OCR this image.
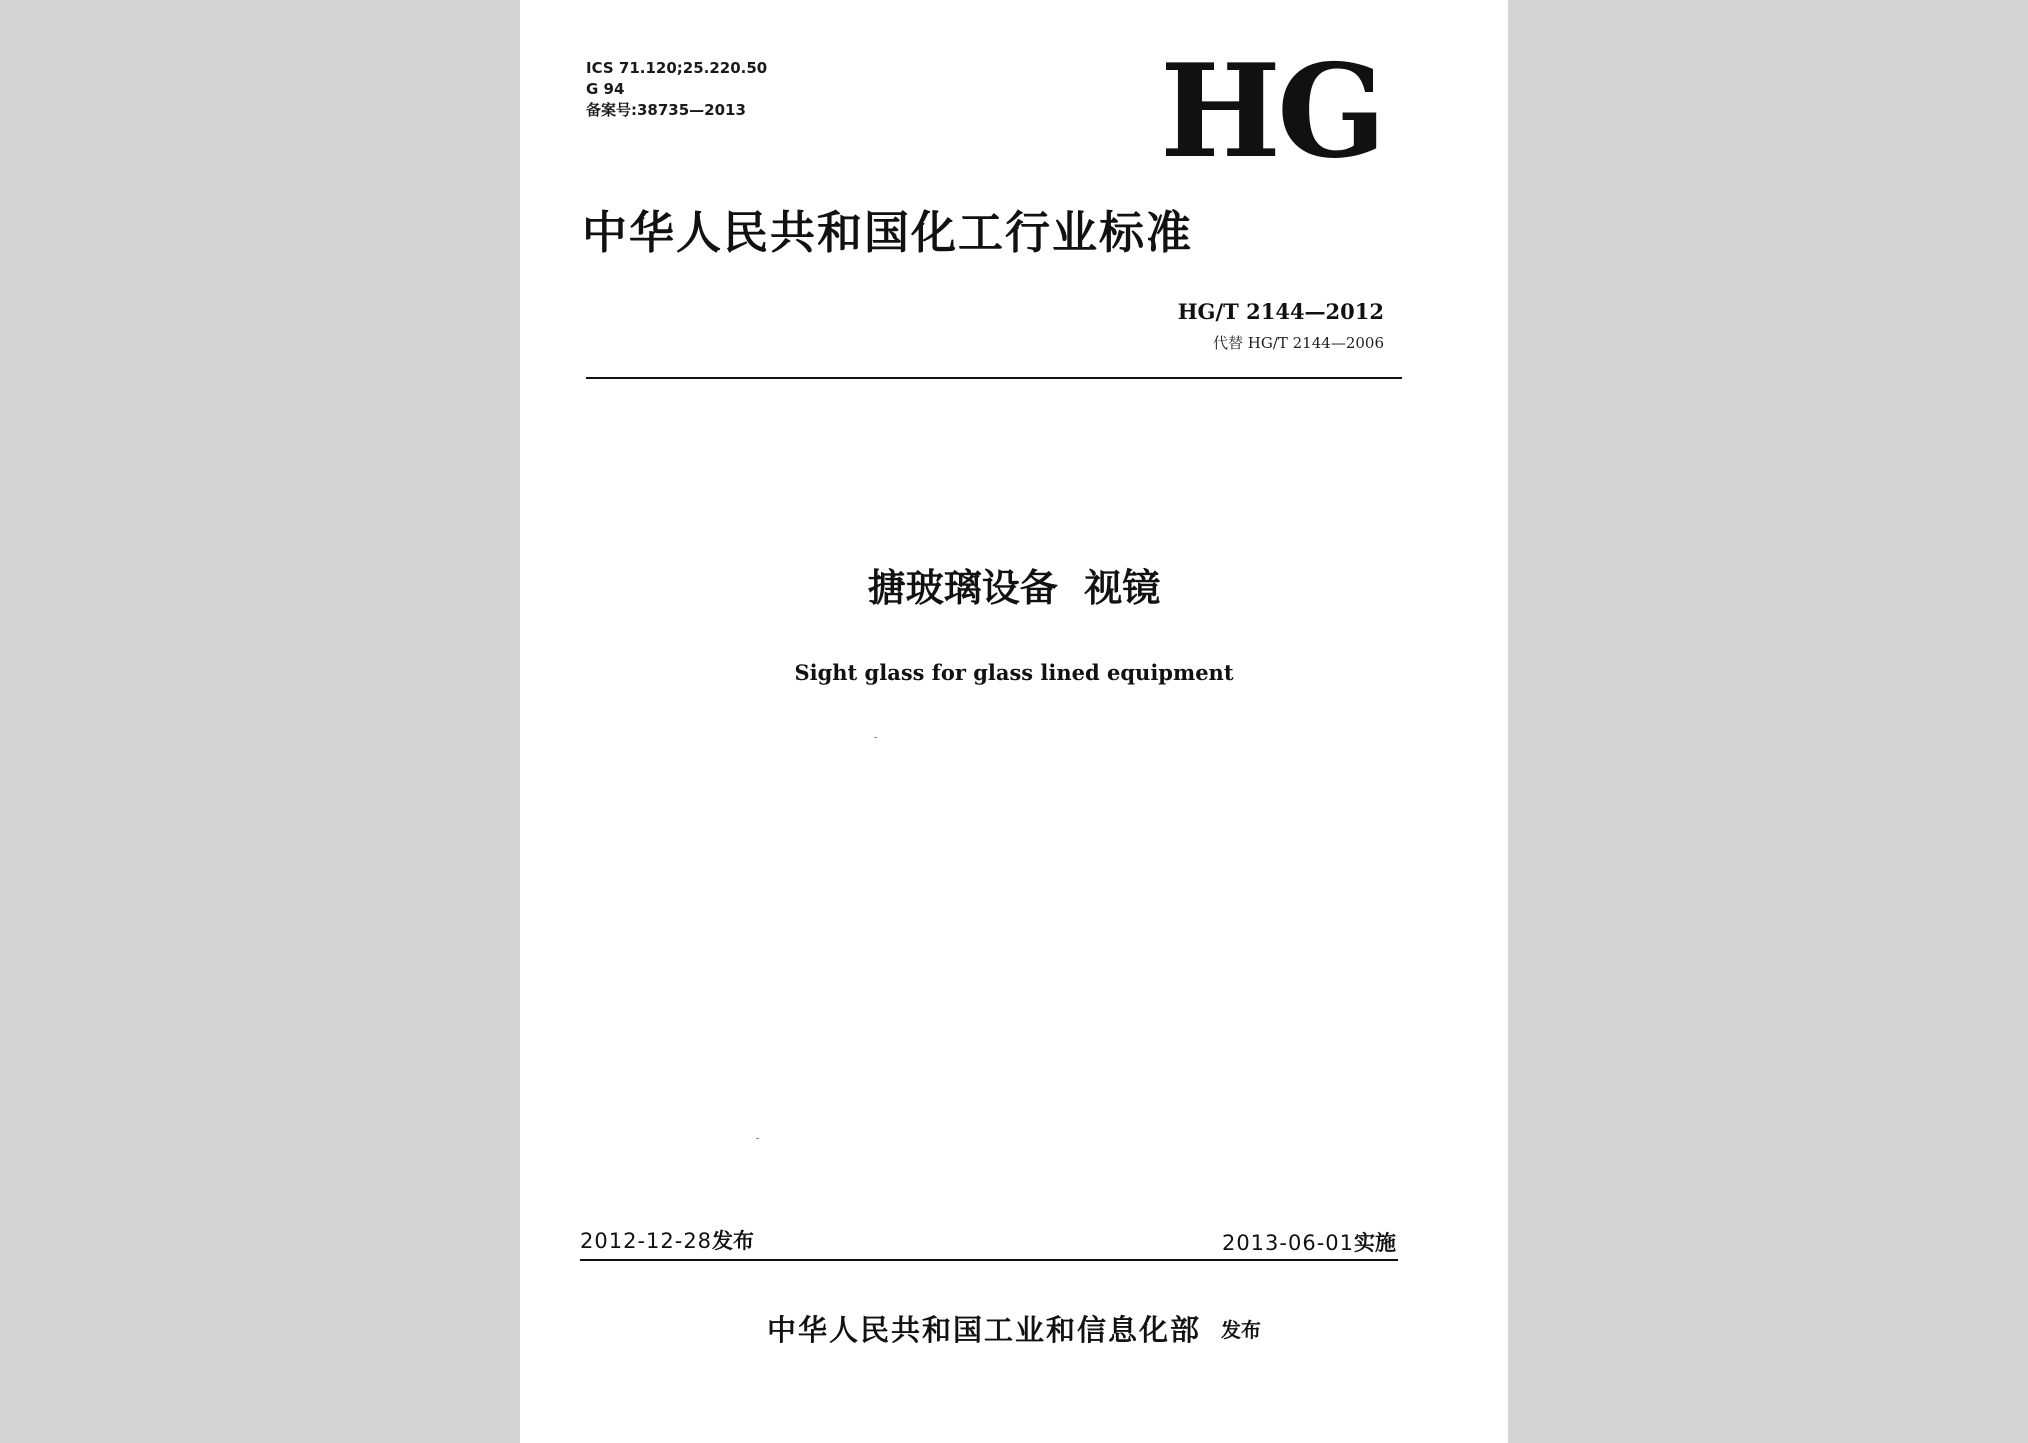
ICS 71.120;25.220.50
G 94
备案号:38735—2013	HG
中华人民共和国化工行业标准
HG/T 2144—2012
代替 HG/T 2144—2006
搪玻璃设备  视镜
Sight glass for glass lined equipment
2012-12-28发布	2013-06-01实施
中华人民共和国工业和信息化部 发布
